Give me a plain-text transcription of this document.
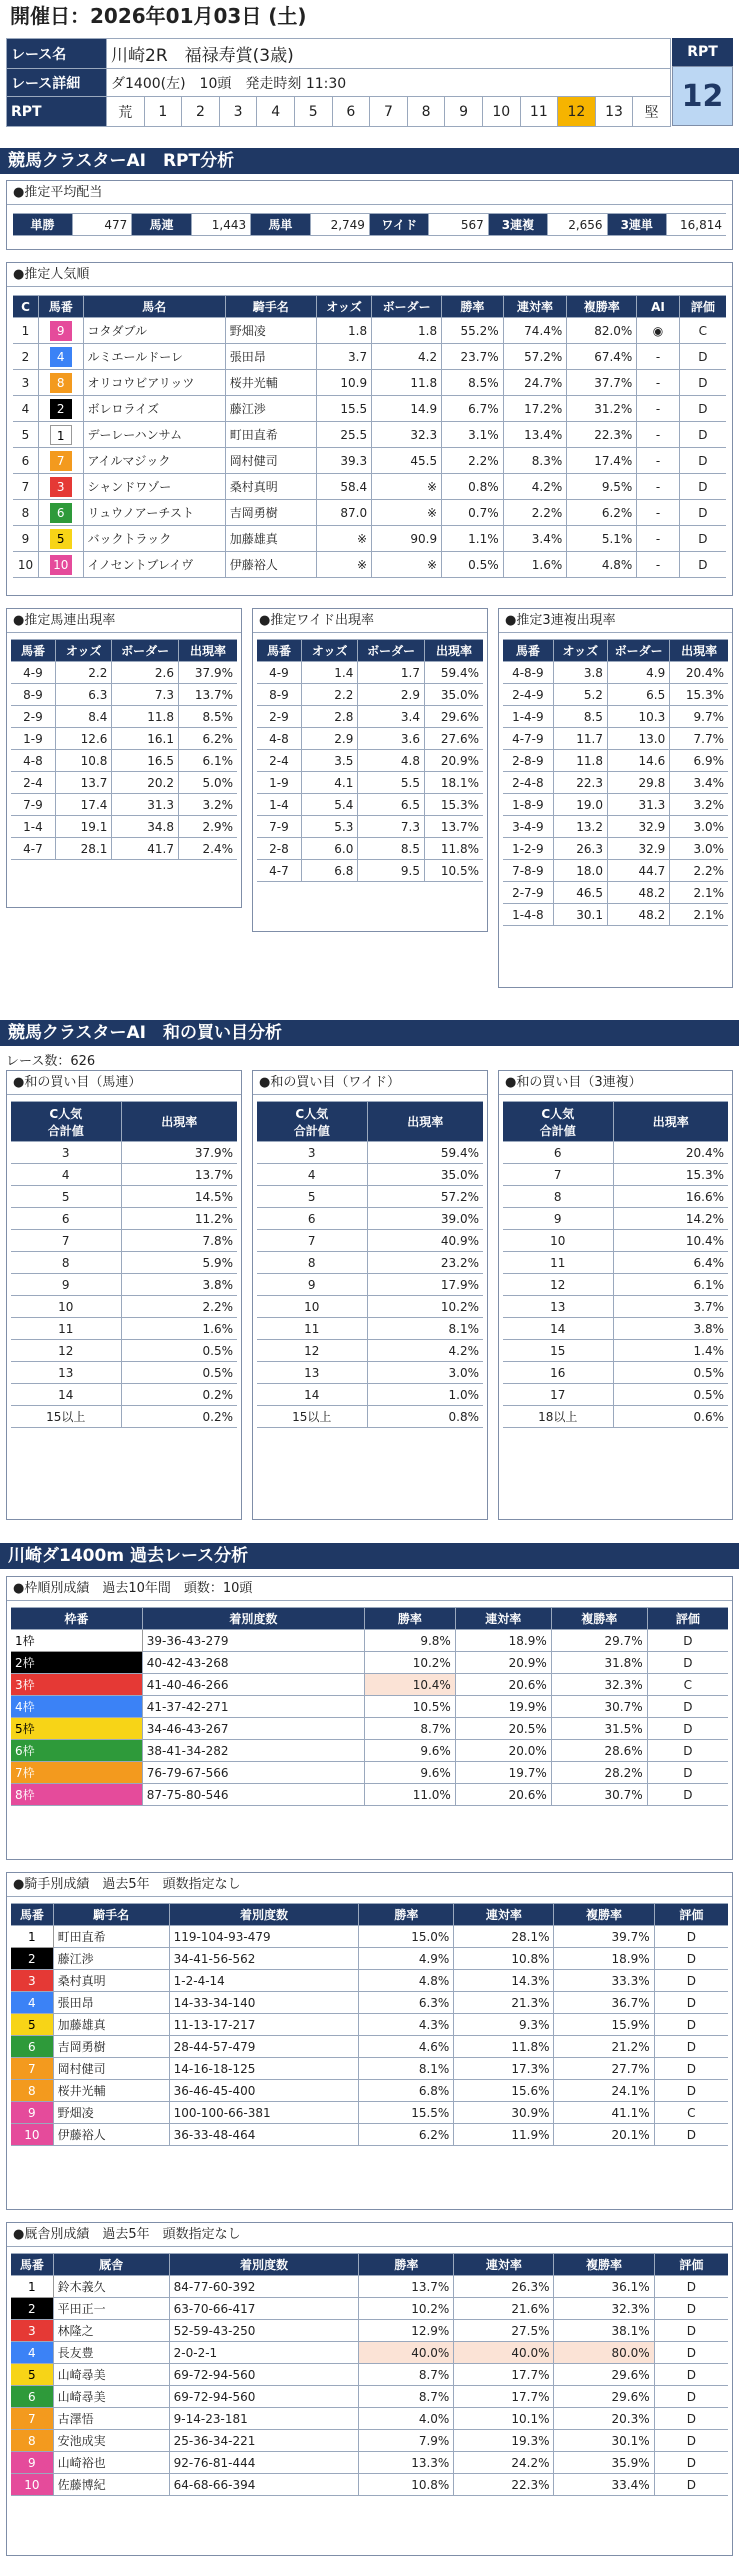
開催日：2026年01月03日 (土)
レース名	川崎2R　福禄寿賞(3歳)														
レース詳細	ダ1400(左)　10頭　発走時刻 11:30														
RPT	荒	1	2	3	4	5	6	7	8	9	10	11	12	13	堅
RPT
12
競馬クラスターAI　RPT分析
●推定平均配当
単勝	477	馬連	1,443	馬単	2,749	ワイド	567	3連複	2,656	3連単	16,814
●推定人気順
C	馬番	馬名	騎手名	オッズ	ボーダー	勝率	連対率	複勝率	AI	評価
1	9	コタダブル	野畑凌	1.8	1.8	55.2%	74.4%	82.0%	◉	C
2	4	ルミエールドーレ	張田昂	3.7	4.2	23.7%	57.2%	67.4%	-	D
3	8	オリコウビアリッツ	桜井光輔	10.9	11.8	8.5%	24.7%	37.7%	-	D
4	2	ボレロライズ	藤江渉	15.5	14.9	6.7%	17.2%	31.2%	-	D
5	1	デーレーハンサム	町田直希	25.5	32.3	3.1%	13.4%	22.3%	-	D
6	7	アイルマジック	岡村健司	39.3	45.5	2.2%	8.3%	17.4%	-	D
7	3	シャンドワゾー	桑村真明	58.4	※	0.8%	4.2%	9.5%	-	D
8	6	リュウノアーチスト	吉岡勇樹	87.0	※	0.7%	2.2%	6.2%	-	D
9	5	バックトラック	加藤雄真	※	90.9	1.1%	3.4%	5.1%	-	D
10	10	イノセントブレイヴ	伊藤裕人	※	※	0.5%	1.6%	4.8%	-	D
●推定馬連出現率
馬番	オッズ	ボーダー	出現率
4-9	2.2	2.6	37.9%
8-9	6.3	7.3	13.7%
2-9	8.4	11.8	8.5%
1-9	12.6	16.1	6.2%
4-8	10.8	16.5	6.1%
2-4	13.7	20.2	5.0%
7-9	17.4	31.3	3.2%
1-4	19.1	34.8	2.9%
4-7	28.1	41.7	2.4%
●推定ワイド出現率
馬番	オッズ	ボーダー	出現率
4-9	1.4	1.7	59.4%
8-9	2.2	2.9	35.0%
2-9	2.8	3.4	29.6%
4-8	2.9	3.6	27.6%
2-4	3.5	4.8	20.9%
1-9	4.1	5.5	18.1%
1-4	5.4	6.5	15.3%
7-9	5.3	7.3	13.7%
2-8	6.0	8.5	11.8%
4-7	6.8	9.5	10.5%
●推定3連複出現率
馬番	オッズ	ボーダー	出現率
4-8-9	3.8	4.9	20.4%
2-4-9	5.2	6.5	15.3%
1-4-9	8.5	10.3	9.7%
4-7-9	11.7	13.0	7.7%
2-8-9	11.8	14.6	6.9%
2-4-8	22.3	29.8	3.4%
1-8-9	19.0	31.3	3.2%
3-4-9	13.2	32.9	3.0%
1-2-9	26.3	32.9	3.0%
7-8-9	18.0	44.7	2.2%
2-7-9	46.5	48.2	2.1%
1-4-8	30.1	48.2	2.1%
競馬クラスターAI　和の買い目分析
レース数：626
●和の買い目（馬連）
C人気
合計値	出現率
3	37.9%
4	13.7%
5	14.5%
6	11.2%
7	7.8%
8	5.9%
9	3.8%
10	2.2%
11	1.6%
12	0.5%
13	0.5%
14	0.2%
15以上	0.2%
●和の買い目（ワイド）
C人気
合計値	出現率
3	59.4%
4	35.0%
5	57.2%
6	39.0%
7	40.9%
8	23.2%
9	17.9%
10	10.2%
11	8.1%
12	4.2%
13	3.0%
14	1.0%
15以上	0.8%
●和の買い目（3連複）
C人気
合計値	出現率
6	20.4%
7	15.3%
8	16.6%
9	14.2%
10	10.4%
11	6.4%
12	6.1%
13	3.7%
14	3.8%
15	1.4%
16	0.5%
17	0.5%
18以上	0.6%
川崎ダ1400m 過去レース分析
●枠順別成績　過去10年間　頭数：10頭
枠番	着別度数	勝率	連対率	複勝率	評価
1枠	39-36-43-279	9.8%	18.9%	29.7%	D
2枠	40-42-43-268	10.2%	20.9%	31.8%	D
3枠	41-40-46-266	10.4%	20.6%	32.3%	C
4枠	41-37-42-271	10.5%	19.9%	30.7%	D
5枠	34-46-43-267	8.7%	20.5%	31.5%	D
6枠	38-41-34-282	9.6%	20.0%	28.6%	D
7枠	76-79-67-566	9.6%	19.7%	28.2%	D
8枠	87-75-80-546	11.0%	20.6%	30.7%	D
●騎手別成績　過去5年　頭数指定なし
馬番	騎手名	着別度数	勝率	連対率	複勝率	評価
1	町田直希	119-104-93-479	15.0%	28.1%	39.7%	D
2	藤江渉	34-41-56-562	4.9%	10.8%	18.9%	D
3	桑村真明	1-2-4-14	4.8%	14.3%	33.3%	D
4	張田昂	14-33-34-140	6.3%	21.3%	36.7%	D
5	加藤雄真	11-13-17-217	4.3%	9.3%	15.9%	D
6	吉岡勇樹	28-44-57-479	4.6%	11.8%	21.2%	D
7	岡村健司	14-16-18-125	8.1%	17.3%	27.7%	D
8	桜井光輔	36-46-45-400	6.8%	15.6%	24.1%	D
9	野畑凌	100-100-66-381	15.5%	30.9%	41.1%	C
10	伊藤裕人	36-33-48-464	6.2%	11.9%	20.1%	D
●厩舎別成績　過去5年　頭数指定なし
馬番	厩舎	着別度数	勝率	連対率	複勝率	評価
1	鈴木義久	84-77-60-392	13.7%	26.3%	36.1%	D
2	平田正一	63-70-66-417	10.2%	21.6%	32.3%	D
3	林隆之	52-59-43-250	12.9%	27.5%	38.1%	D
4	長友豊	2-0-2-1	40.0%	40.0%	80.0%	D
5	山崎尋美	69-72-94-560	8.7%	17.7%	29.6%	D
6	山崎尋美	69-72-94-560	8.7%	17.7%	29.6%	D
7	古澤悟	9-14-23-181	4.0%	10.1%	20.3%	D
8	安池成実	25-36-34-221	7.9%	19.3%	30.1%	D
9	山崎裕也	92-76-81-444	13.3%	24.2%	35.9%	D
10	佐藤博紀	64-68-66-394	10.8%	22.3%	33.4%	D
